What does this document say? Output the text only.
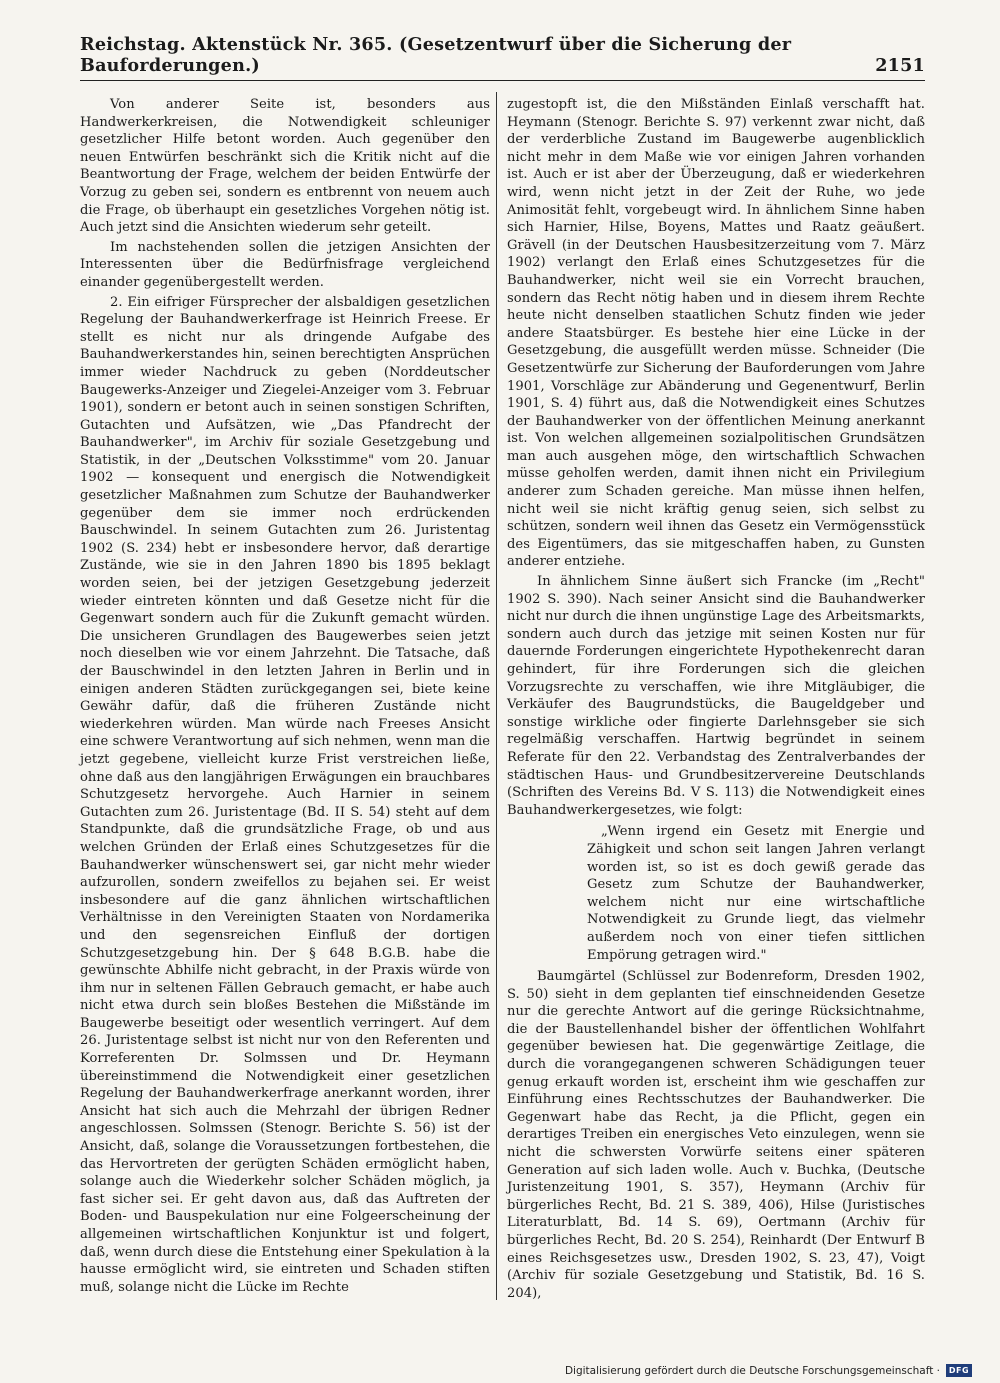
Reichstag. Aktenstück Nr. 365. (Gesetzentwurf über die Sicherung der Bauforderungen.)	2151

Von anderer Seite ist, besonders aus Handwerkerkreisen, die Notwendigkeit schleuniger gesetzlicher Hilfe betont worden. Auch gegenüber den neuen Entwürfen beschränkt sich die Kritik nicht auf die Beantwortung der Frage, welchem der beiden Entwürfe der Vorzug zu geben sei, sondern es entbrennt von neuem auch die Frage, ob überhaupt ein gesetzliches Vorgehen nötig ist. Auch jetzt sind die Ansichten wiederum sehr geteilt.

Im nachstehenden sollen die jetzigen Ansichten der Interessenten über die Bedürfnisfrage vergleichend einander gegenübergestellt werden.

2. Ein eifriger Fürsprecher der alsbaldigen gesetzlichen Regelung der Bauhandwerkerfrage ist Heinrich Freese. Er stellt es nicht nur als dringende Aufgabe des Bauhandwerkerstandes hin, seinen berechtigten Ansprüchen immer wieder Nachdruck zu geben (Norddeutscher Baugewerks-Anzeiger und Ziegelei-Anzeiger vom 3. Februar 1901), sondern er betont auch in seinen sonstigen Schriften, Gutachten und Aufsätzen, wie „Das Pfandrecht der Bauhandwerker", im Archiv für soziale Gesetzgebung und Statistik, in der „Deutschen Volksstimme" vom 20. Januar 1902 — konsequent und energisch die Notwendigkeit gesetzlicher Maßnahmen zum Schutze der Bauhandwerker gegenüber dem sie immer noch erdrückenden Bauschwindel. In seinem Gutachten zum 26. Juristentag 1902 (S. 234) hebt er insbesondere hervor, daß derartige Zustände, wie sie in den Jahren 1890 bis 1895 beklagt worden seien, bei der jetzigen Gesetzgebung jederzeit wieder eintreten könnten und daß Gesetze nicht für die Gegenwart sondern auch für die Zukunft gemacht würden. Die unsicheren Grundlagen des Baugewerbes seien jetzt noch dieselben wie vor einem Jahrzehnt. Die Tatsache, daß der Bauschwindel in den letzten Jahren in Berlin und in einigen anderen Städten zurückgegangen sei, biete keine Gewähr dafür, daß die früheren Zustände nicht wiederkehren würden. Man würde nach Freeses Ansicht eine schwere Verantwortung auf sich nehmen, wenn man die jetzt gegebene, vielleicht kurze Frist verstreichen ließe, ohne daß aus den langjährigen Erwägungen ein brauchbares Schutzgesetz hervorgehe. Auch Harnier in seinem Gutachten zum 26. Juristentage (Bd. II S. 54) steht auf dem Standpunkte, daß die grundsätzliche Frage, ob und aus welchen Gründen der Erlaß eines Schutzgesetzes für die Bauhandwerker wünschenswert sei, gar nicht mehr wieder aufzurollen, sondern zweifellos zu bejahen sei. Er weist insbesondere auf die ganz ähnlichen wirtschaftlichen Verhältnisse in den Vereinigten Staaten von Nordamerika und den segensreichen Einfluß der dortigen Schutzgesetzgebung hin. Der § 648 B.G.B. habe die gewünschte Abhilfe nicht gebracht, in der Praxis würde von ihm nur in seltenen Fällen Gebrauch gemacht, er habe auch nicht etwa durch sein bloßes Bestehen die Mißstände im Baugewerbe beseitigt oder wesentlich verringert. Auf dem 26. Juristentage selbst ist nicht nur von den Referenten und Korreferenten Dr. Solmssen und Dr. Heymann übereinstimmend die Notwendigkeit einer gesetzlichen Regelung der Bauhandwerkerfrage anerkannt worden, ihrer Ansicht hat sich auch die Mehrzahl der übrigen Redner angeschlossen. Solmssen (Stenogr. Berichte S. 56) ist der Ansicht, daß, solange die Voraussetzungen fortbestehen, die das Hervortreten der gerügten Schäden ermöglicht haben, solange auch die Wiederkehr solcher Schäden möglich, ja fast sicher sei. Er geht davon aus, daß das Auftreten der Boden- und Bauspekulation nur eine Folgeerscheinung der allgemeinen wirtschaftlichen Konjunktur ist und folgert, daß, wenn durch diese die Entstehung einer Spekulation à la hausse ermöglicht wird, sie eintreten und Schaden stiften muß, solange nicht die Lücke im Rechte

zugestopft ist, die den Mißständen Einlaß verschafft hat. Heymann (Stenogr. Berichte S. 97) verkennt zwar nicht, daß der verderbliche Zustand im Baugewerbe augenblicklich nicht mehr in dem Maße wie vor einigen Jahren vorhanden ist. Auch er ist aber der Überzeugung, daß er wiederkehren wird, wenn nicht jetzt in der Zeit der Ruhe, wo jede Animosität fehlt, vorgebeugt wird. In ähnlichem Sinne haben sich Harnier, Hilse, Boyens, Mattes und Raatz geäußert. Grävell (in der Deutschen Hausbesitzerzeitung vom 7. März 1902) verlangt den Erlaß eines Schutzgesetzes für die Bauhandwerker, nicht weil sie ein Vorrecht brauchen, sondern das Recht nötig haben und in diesem ihrem Rechte heute nicht denselben staatlichen Schutz finden wie jeder andere Staatsbürger. Es bestehe hier eine Lücke in der Gesetzgebung, die ausgefüllt werden müsse. Schneider (Die Gesetzentwürfe zur Sicherung der Bauforderungen vom Jahre 1901, Vorschläge zur Abänderung und Gegenentwurf, Berlin 1901, S. 4) führt aus, daß die Notwendigkeit eines Schutzes der Bauhandwerker von der öffentlichen Meinung anerkannt ist. Von welchen allgemeinen sozialpolitischen Grundsätzen man auch ausgehen möge, den wirtschaftlich Schwachen müsse geholfen werden, damit ihnen nicht ein Privilegium anderer zum Schaden gereiche. Man müsse ihnen helfen, nicht weil sie nicht kräftig genug seien, sich selbst zu schützen, sondern weil ihnen das Gesetz ein Vermögensstück des Eigentümers, das sie mitgeschaffen haben, zu Gunsten anderer entziehe.

In ähnlichem Sinne äußert sich Francke (im „Recht" 1902 S. 390). Nach seiner Ansicht sind die Bauhandwerker nicht nur durch die ihnen ungünstige Lage des Arbeitsmarkts, sondern auch durch das jetzige mit seinen Kosten nur für dauernde Forderungen eingerichtete Hypothekenrecht daran gehindert, für ihre Forderungen sich die gleichen Vorzugsrechte zu verschaffen, wie ihre Mitgläubiger, die Verkäufer des Baugrundstücks, die Baugeldgeber und sonstige wirkliche oder fingierte Darlehnsgeber sie sich regelmäßig verschaffen. Hartwig begründet in seinem Referate für den 22. Verbandstag des Zentralverbandes der städtischen Haus- und Grundbesitzervereine Deutschlands (Schriften des Vereins Bd. V S. 113) die Notwendigkeit eines Bauhandwerkergesetzes, wie folgt:

„Wenn irgend ein Gesetz mit Energie und Zähigkeit und schon seit langen Jahren verlangt worden ist, so ist es doch gewiß gerade das Gesetz zum Schutze der Bauhandwerker, welchem nicht nur eine wirtschaftliche Notwendigkeit zu Grunde liegt, das vielmehr außerdem noch von einer tiefen sittlichen Empörung getragen wird."

Baumgärtel (Schlüssel zur Bodenreform, Dresden 1902, S. 50) sieht in dem geplanten tief einschneidenden Gesetze nur die gerechte Antwort auf die geringe Rücksichtnahme, die der Baustellenhandel bisher der öffentlichen Wohlfahrt gegenüber bewiesen hat. Die gegenwärtige Zeitlage, die durch die vorangegangenen schweren Schädigungen teuer genug erkauft worden ist, erscheint ihm wie geschaffen zur Einführung eines Rechtsschutzes der Bauhandwerker. Die Gegenwart habe das Recht, ja die Pflicht, gegen ein derartiges Treiben ein energisches Veto einzulegen, wenn sie nicht die schwersten Vorwürfe seitens einer späteren Generation auf sich laden wolle. Auch v. Buchka, (Deutsche Juristenzeitung 1901, S. 357), Heymann (Archiv für bürgerliches Recht, Bd. 21 S. 389, 406), Hilse (Juristisches Literaturblatt, Bd. 14 S. 69), Oertmann (Archiv für bürgerliches Recht, Bd. 20 S. 254), Reinhardt (Der Entwurf B eines Reichsgesetzes usw., Dresden 1902, S. 23, 47), Voigt (Archiv für soziale Gesetzgebung und Statistik, Bd. 16 S. 204),

Digitalisierung gefördert durch die Deutsche Forschungsgemeinschaft ·	DFG
